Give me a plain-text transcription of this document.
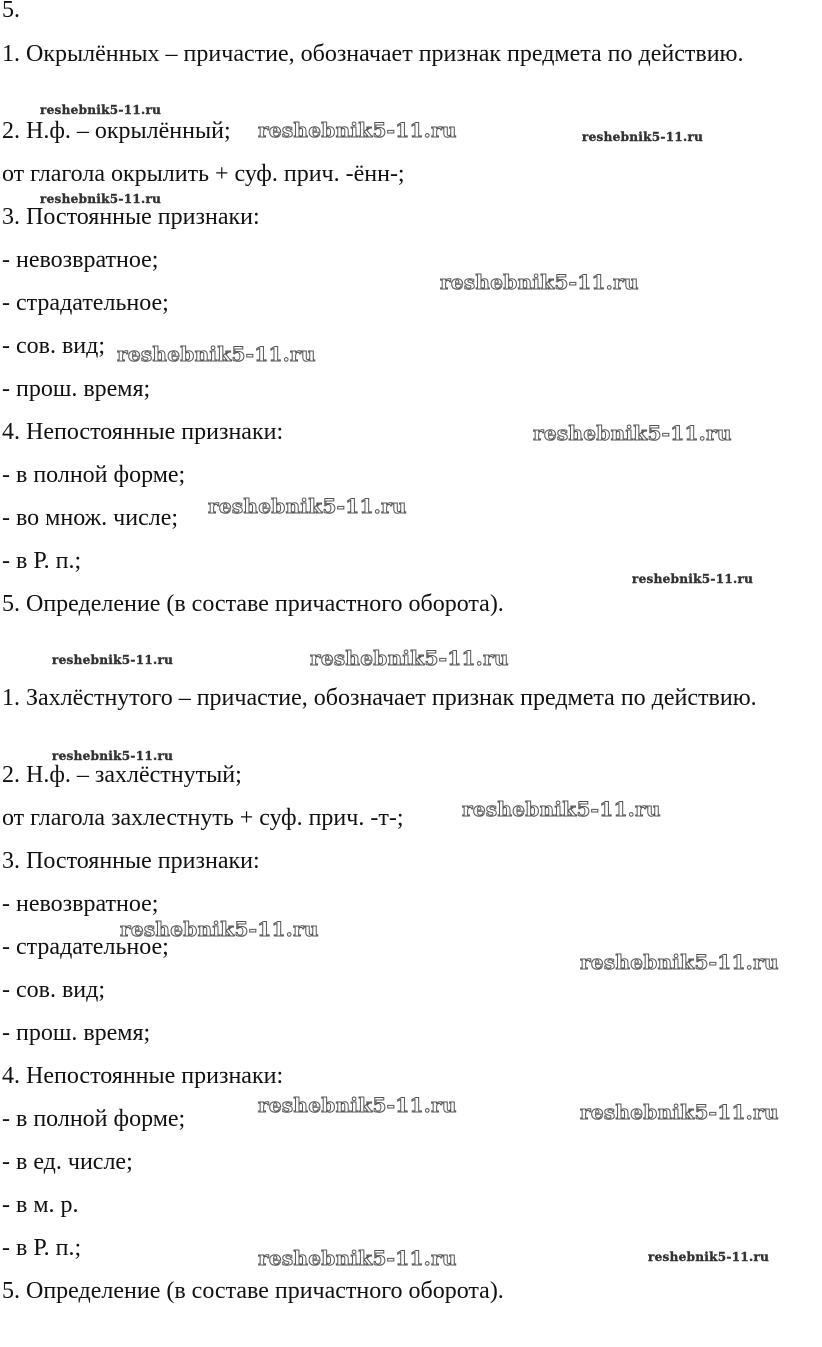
5.
1. Окрылённых – причастие, обозначает признак предмета по действию.
2. Н.ф. – окрылённый;
от глагола окрылить + суф. прич. -ённ-;
3. Постоянные признаки:
- невозвратное;
- страдательное;
- сов. вид;
- прош. время;
4. Непостоянные признаки:
- в полной форме;
- во множ. числе;
- в Р. п.;
5. Определение (в составе причастного оборота).
1. Захлёстнутого – причастие, обозначает признак предмета по действию.
2. Н.ф. – захлёстнутый;
от глагола захлестнуть + суф. прич. -т-;
3. Постоянные признаки:
- невозвратное;
- страдательное;
- сов. вид;
- прош. время;
4. Непостоянные признаки:
- в полной форме;
- в ед. числе;
- в м. р.
- в Р. п.;
5. Определение (в составе причастного оборота).
reshebnik5-11.ru
reshebnik5-11.ru	reshebnik5-11.ru
reshebnik5-11.ru
reshebnik5-11.ru
reshebnik5-11.ru
reshebnik5-11.ru
reshebnik5-11.ru
reshebnik5-11.ru
reshebnik5-11.ru	reshebnik5-11.ru
reshebnik5-11.ru
reshebnik5-11.ru
reshebnik5-11.ru
reshebnik5-11.ru
reshebnik5-11.ru	reshebnik5-11.ru
reshebnik5-11.ru	reshebnik5-11.ru
